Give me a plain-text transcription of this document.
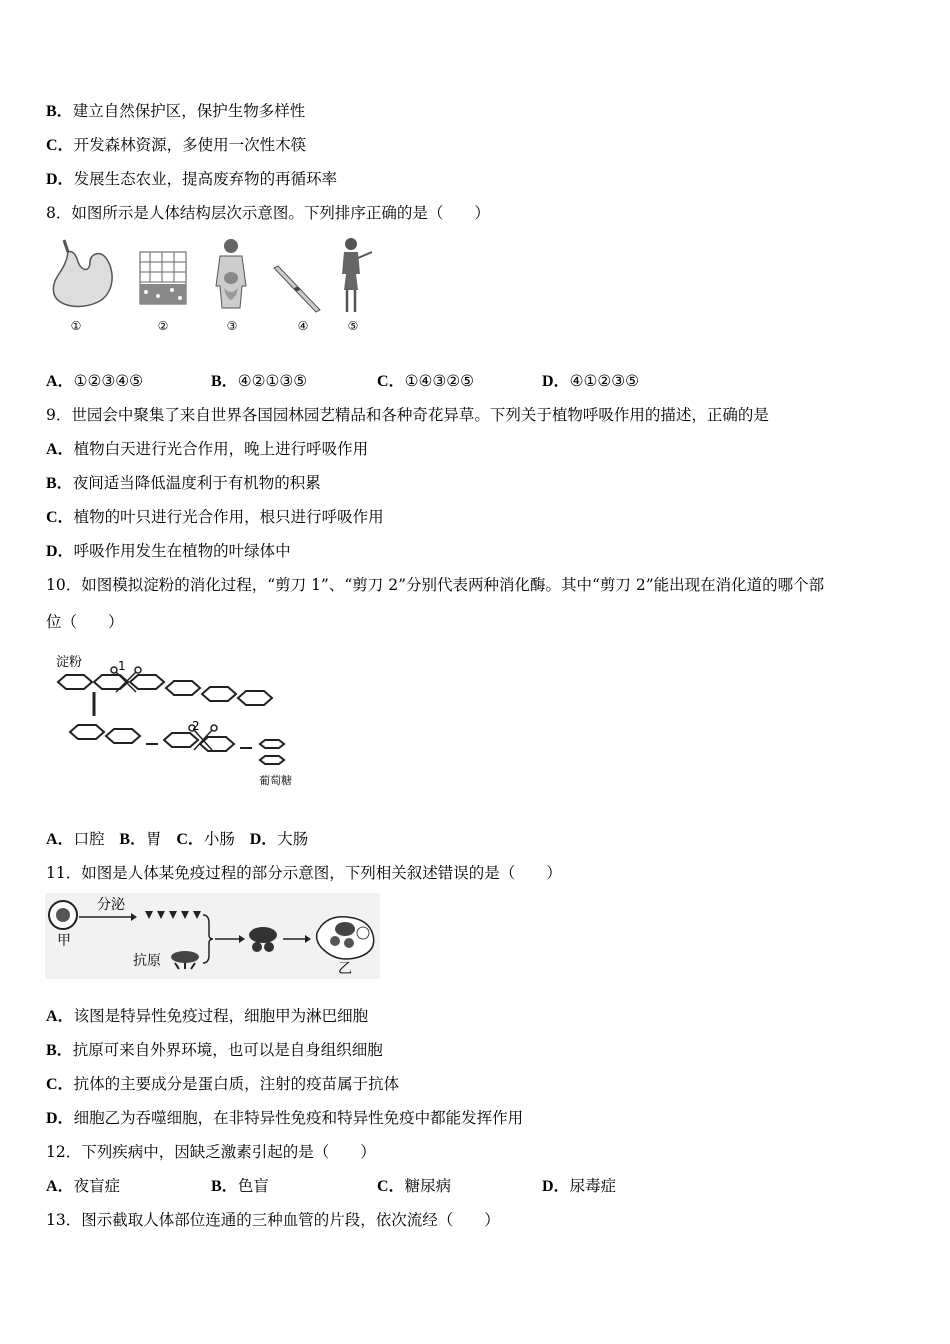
B．建立自然保护区，保护生物多样性
C．开发森林资源，多使用一次性木筷
D．发展生态农业，提高废弃物的再循环率
8．如图所示是人体结构层次示意图。下列排序正确的是（　　）
①	②	③	④	⑤
A．①②③④⑤	B．④②①③⑤	C．①④③②⑤	D．④①②③⑤
9．世园会中聚集了来自世界各国园林园艺精品和各种奇花异草。下列关于植物呼吸作用的描述，正确的是
A．植物白天进行光合作用，晚上进行呼吸作用
B．夜间适当降低温度利于有机物的积累
C．植物的叶只进行光合作用，根只进行呼吸作用
D．呼吸作用发生在植物的叶绿体中
10．如图模拟淀粉的消化过程，“剪刀 1”、“剪刀 2”分别代表两种消化酶。其中“剪刀 2”能出现在消化道的哪个部
位（　　）
淀粉	1
2
葡萄糖
A．口腔 B．胃 C．小肠 D．大肠
11．如图是人体某免疫过程的部分示意图，下列相关叙述错误的是（　　）
甲
分泌
抗原	乙
A．该图是特异性免疫过程，细胞甲为淋巴细胞
B．抗原可来自外界环境，也可以是自身组织细胞
C．抗体的主要成分是蛋白质，注射的疫苗属于抗体
D．细胞乙为吞噬细胞，在非特异性免疫和特异性免疫中都能发挥作用
12．下列疾病中，因缺乏激素引起的是（　　）
A．夜盲症	B．色盲	C．糖尿病	D．尿毒症
13．图示截取人体部位连通的三种血管的片段，依次流经（　　）
